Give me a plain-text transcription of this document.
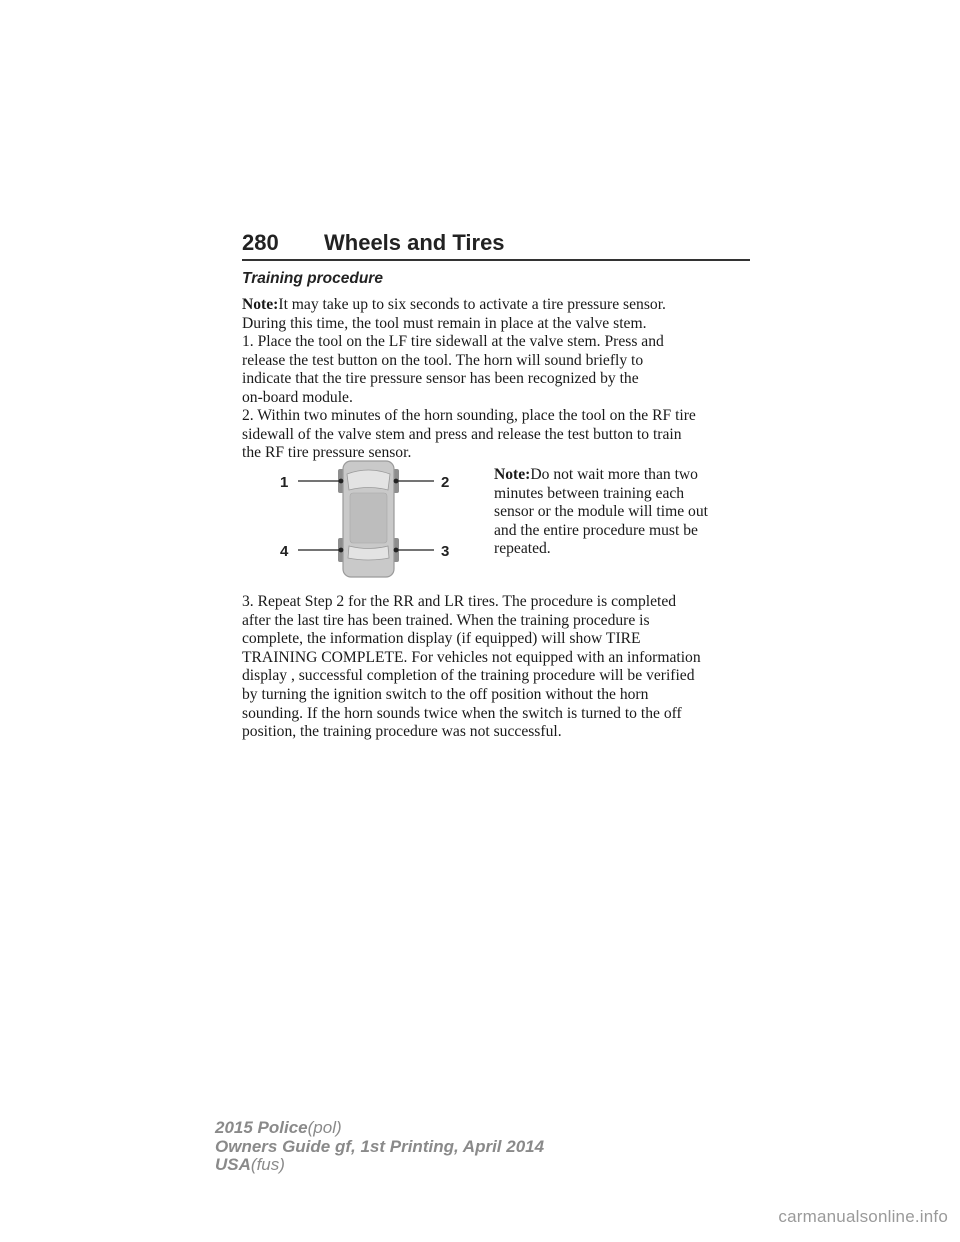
280 Wheels and Tires
Training procedure

Note:It may take up to six seconds to activate a tire pressure sensor.
During this time, the tool must remain in place at the valve stem.

1. Place the tool on the LF tire sidewall at the valve stem. Press and
release the test button on the tool. The horn will sound briefly to
indicate that the tire pressure sensor has been recognized by the
on-board module.

2. Within two minutes of the horn sounding, place the tool on the RF tire
sidewall of the valve stem and press and release the test button to train
the RF tire pressure sensor.

1	2
3
4

Note:Do not wait more than two
minutes between training each
sensor or the module will time out
and the entire procedure must be
repeated.

3. Repeat Step 2 for the RR and LR tires. The procedure is completed
after the last tire has been trained. When the training procedure is
complete, the information display (if equipped) will show TIRE
TRAINING COMPLETE. For vehicles not equipped with an information
display , successful completion of the training procedure will be verified
by turning the ignition switch to the off position without the horn
sounding. If the horn sounds twice when the switch is turned to the off
position, the training procedure was not successful.

2015 Police(pol)
Owners Guide gf, 1st Printing, April 2014
USA(fus)
carmanualsonline.info
